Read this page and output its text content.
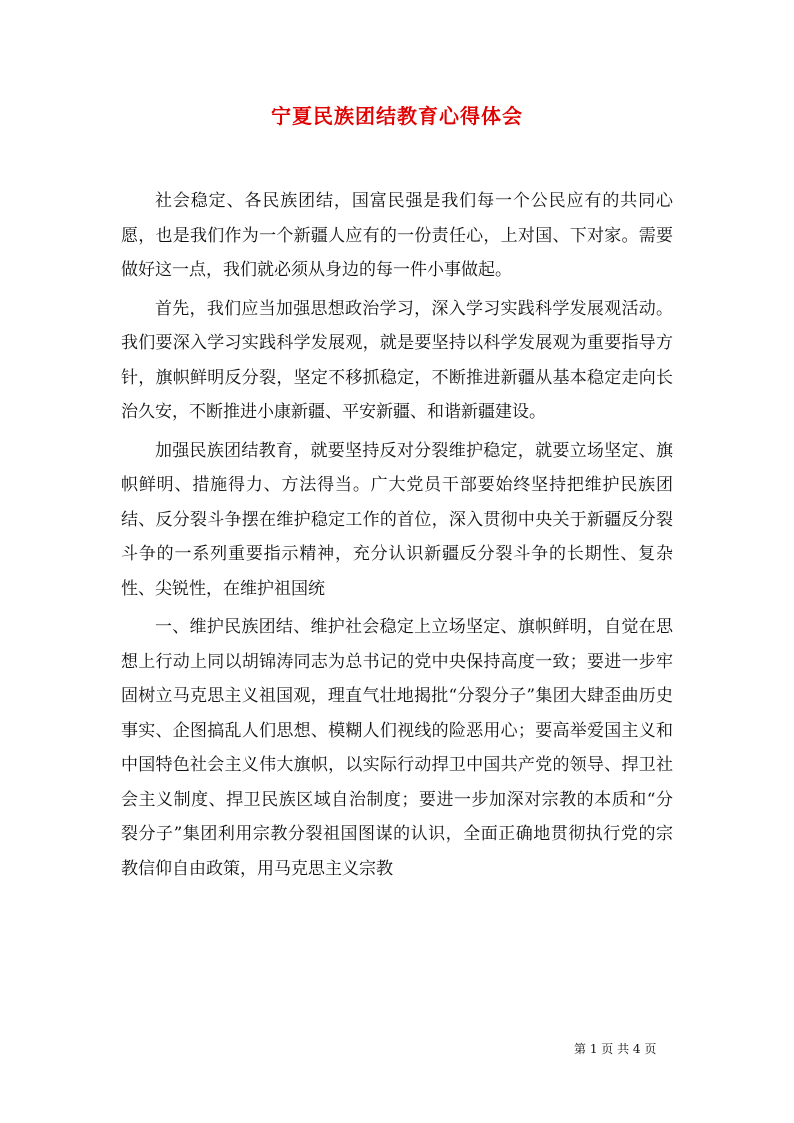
宁夏民族团结教育心得体会

社会稳定、各民族团结，国富民强是我们每一个公民应有的共同心愿，也是我们作为一个新疆人应有的一份责任心，上对国、下对家。需要做好这一点，我们就必须从身边的每一件小事做起。

首先，我们应当加强思想政治学习，深入学习实践科学发展观活动。我们要深入学习实践科学发展观，就是要坚持以科学发展观为重要指导方针，旗帜鲜明反分裂，坚定不移抓稳定，不断推进新疆从基本稳定走向长治久安，不断推进小康新疆、平安新疆、和谐新疆建设。

加强民族团结教育，就要坚持反对分裂维护稳定，就要立场坚定、旗帜鲜明、措施得力、方法得当。广大党员干部要始终坚持把维护民族团结、反分裂斗争摆在维护稳定工作的首位，深入贯彻中央关于新疆反分裂斗争的一系列重要指示精神，充分认识新疆反分裂斗争的长期性、复杂性、尖锐性，在维护祖国统

一、维护民族团结、维护社会稳定上立场坚定、旗帜鲜明，自觉在思想上行动上同以胡锦涛同志为总书记的党中央保持高度一致；要进一步牢固树立马克思主义祖国观，理直气壮地揭批“分裂分子”集团大肆歪曲历史事实、企图搞乱人们思想、模糊人们视线的险恶用心；要高举爱国主义和中国特色社会主义伟大旗帜，以实际行动捍卫中国共产党的领导、捍卫社会主义制度、捍卫民族区域自治制度；要进一步加深对宗教的本质和“分裂分子”集团利用宗教分裂祖国图谋的认识，全面正确地贯彻执行党的宗教信仰自由政策，用马克思主义宗教

第 1 页 共 4 页
